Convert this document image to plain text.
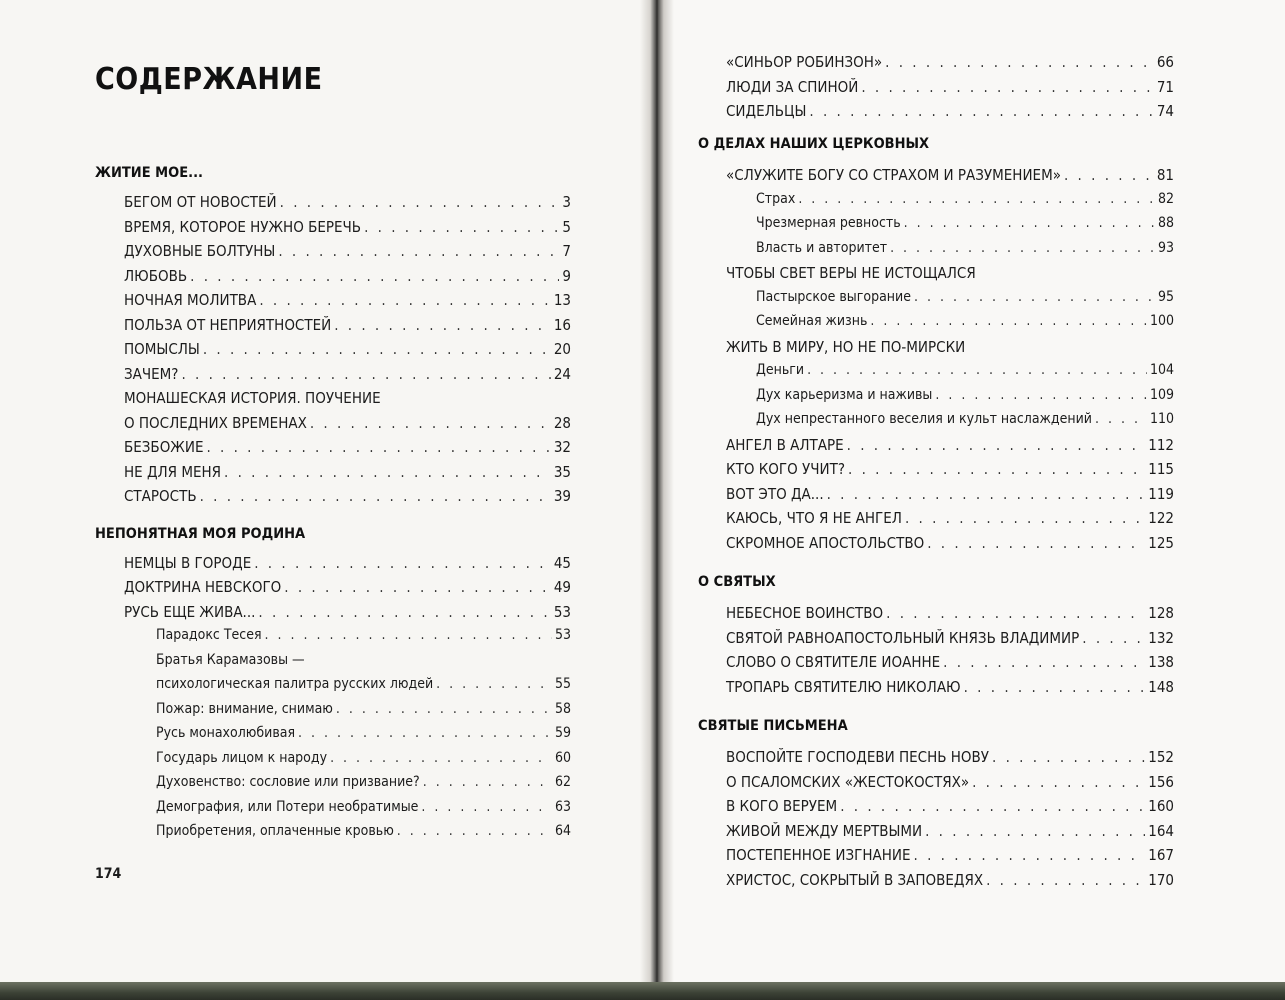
СОДЕРЖАНИЕ
ЖИТИЕ МОЕ...
БЕГОМ ОТ НОВОСТЕЙ . . .	3
ВРЕМЯ, КОТОРОЕ НУЖНО БЕРЕЧЬ . . .	5
ДУХОВНЫЕ БОЛТУНЫ . . .	7
ЛЮБОВЬ . . .	9
НОЧНАЯ МОЛИТВА . . .	13
ПОЛЬЗА ОТ НЕПРИЯТНОСТЕЙ . . .	16
ПОМЫСЛЫ . . .	20
ЗАЧЕМ? . . .	24
МОНАШЕСКАЯ ИСТОРИЯ. ПОУЧЕНИЕ
О ПОСЛЕДНИХ ВРЕМЕНАХ . . .	28
БЕЗБОЖИЕ . . .	32
НЕ ДЛЯ МЕНЯ . . .	35
СТАРОСТЬ . . .	39
НЕПОНЯТНАЯ МОЯ РОДИНА
НЕМЦЫ В ГОРОДЕ . . .	45
ДОКТРИНА НЕВСКОГО . . .	49
РУСЬ ЕЩЕ ЖИВА... . . .	53
Парадокс Тесея . . .	53
Братья Карамазовы —
психологическая палитра русских людей . . .	55
Пожар: внимание, снимаю . . .	58
Русь монахолюбивая . . .	59
Государь лицом к народу . . .	60
Духовенство: сословие или призвание? . . .	62
Демография, или Потери необратимые . . .	63
Приобретения, оплаченные кровью . . .	64
174
«СИНЬОР РОБИНЗОН» . . .	66
ЛЮДИ ЗА СПИНОЙ . . .	71
СИДЕЛЬЦЫ . . .	74
О ДЕЛАХ НАШИХ ЦЕРКОВНЫХ
«СЛУЖИТЕ БОГУ СО СТРАХОМ И РАЗУМЕНИЕМ» . . .	81
Страх . . .	82
Чрезмерная ревность . . .	88
Власть и авторитет . . .	93
ЧТОБЫ СВЕТ ВЕРЫ НЕ ИСТОЩАЛСЯ
Пастырское выгорание . . .	95
Семейная жизнь . . .	100
ЖИТЬ В МИРУ, НО НЕ ПО-МИРСКИ
Деньги . . .	104
Дух карьеризма и наживы . . .	109
Дух непрестанного веселия и культ наслаждений . . .	110
АНГЕЛ В АЛТАРЕ . . .	112
КТО КОГО УЧИТ? . . .	115
ВОТ ЭТО ДА... . . .	119
КАЮСЬ, ЧТО Я НЕ АНГЕЛ . . .	122
СКРОМНОЕ АПОСТОЛЬСТВО . . .	125
О СВЯТЫХ
НЕБЕСНОЕ ВОИНСТВО . . .	128
СВЯТОЙ РАВНОАПОСТОЛЬНЫЙ КНЯЗЬ ВЛАДИМИР . . .	132
СЛОВО О СВЯТИТЕЛЕ ИОАННЕ . . .	138
ТРОПАРЬ СВЯТИТЕЛЮ НИКОЛАЮ . . .	148
СВЯТЫЕ ПИСЬМЕНА
ВОСПОЙТЕ ГОСПОДЕВИ ПЕСНЬ НОВУ . . .	152
О ПСАЛОМСКИХ «ЖЕСТОКОСТЯХ» . . .	156
В КОГО ВЕРУЕМ . . .	160
ЖИВОЙ МЕЖДУ МЕРТВЫМИ . . .	164
ПОСТЕПЕННОЕ ИЗГНАНИЕ . . .	167
ХРИСТОС, СОКРЫТЫЙ В ЗАПОВЕДЯХ . . .	170
